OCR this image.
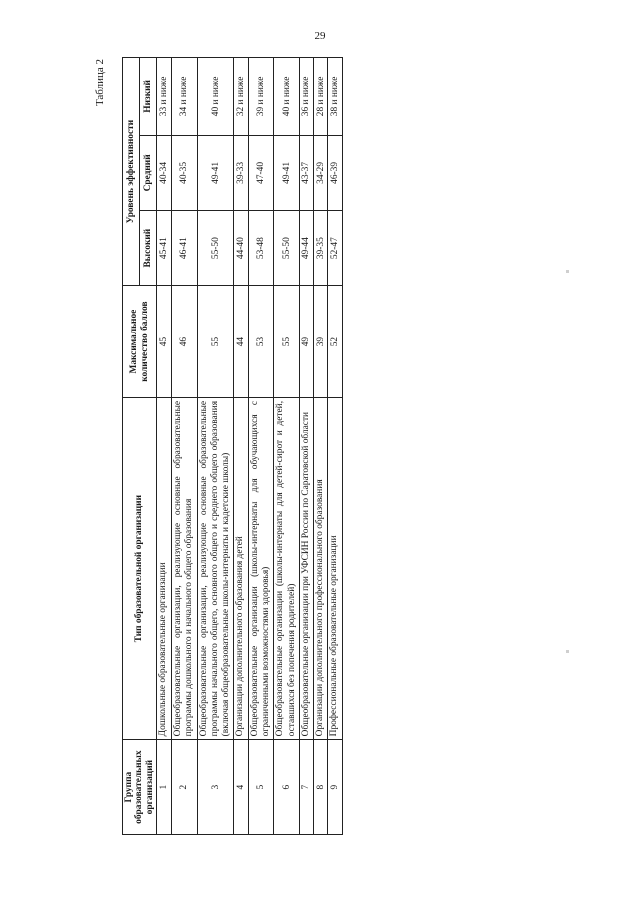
29
Таблица 2
Группа образовательных организаций	Тип образовательной организации	Максимальное количество баллов	Уровень эффективности		
			Высокий	Средний	Низкий
1	Дошкольные образовательные организации	45	45-41	40-34	33 и ниже
2	Общеобразовательные организации, реализующие основные образовательные программы дошкольного и начального общего образования	46	46-41	40-35	34 и ниже
3	Общеобразовательные организации, реализующие основные образовательные программы начального общего, основного общего и среднего общего образования (включая общеобразовательные школы-интернаты и кадетские школы)	55	55-50	49-41	40 и ниже
4	Организации дополнительного образования детей	44	44-40	39-33	32 и ниже
5	Общеобразовательные организации (школы-интернаты для обучающихся с ограниченными возможностями здоровья)	53	53-48	47-40	39 и ниже
6	Общеобразовательные организации (школы-интернаты для детей-сирот и детей, оставшихся без попечения родителей)	55	55-50	49-41	40 и ниже
7	Общеобразовательные организации при УФСИН России по Саратовской области	49	49-44	43-37	36 и ниже
8	Организации дополнительного профессионального образования	39	39-35	34-29	28 и ниже
9	Профессиональные образовательные организации	52	52-47	46-39	38 и ниже
